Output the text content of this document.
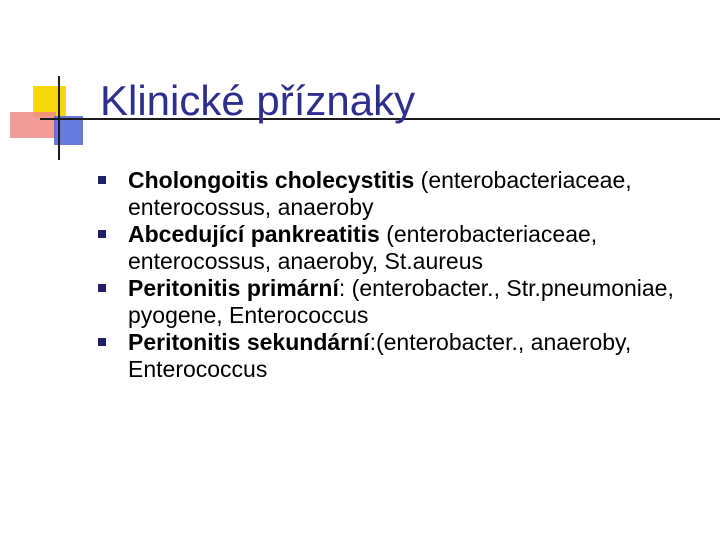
Klinické příznaky
Cholongoitis cholecystitis (enterobacteriaceae, enterocossus, anaeroby
Abcedující pankreatitis (enterobacteriaceae, enterocossus, anaeroby, St.aureus
Peritonitis primární: (enterobacter., Str.pneumoniae, pyogene, Enterococcus
Peritonitis sekundární:(enterobacter., anaeroby, Enterococcus
